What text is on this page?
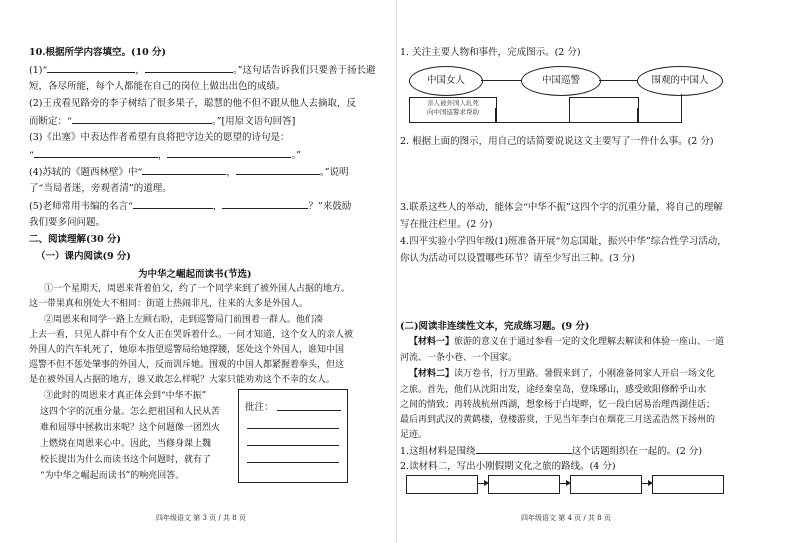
10.根据所学内容填空。(10 分)
(1)“	，	。”这句话告诉我们只要善于扬长避
短，各尽所能，每个人都能在自己的岗位上做出出色的成绩。
(2)王戎看见路旁的李子树结了很多果子，聪慧的他不但不跟从他人去摘取，反
而断定：“	。”[用原文语句回答]
(3)《出塞》中表达作者希望有良将把守边关的愿望的诗句是：
“	，	。”
(4)苏轼的《题西林壁》中“	，	。”说明
了“当局者迷，旁观者清”的道理。
(5)老师常用韦编的名言“	，	？”来鼓励
我们要多问问题。
二、阅读理解(30 分)
（一）课内阅读(9 分)
为中华之崛起而读书(节选)
①一个星期天，周恩来背着伯父，约了一个同学来到了被外国人占据的地方。
这一带果真和別处大不相同：街道上热闹非凡，往来的大多是外国人。
②周恩来和同学一路上左顾右盼，走到巡警局门前围着一群人。他们凑
上去一看，只见人群中有个女人正在哭诉着什么。一问才知道，这个女人的亲人被
外国人的汽车轧死了，她原本指望巡警局给她撑腰，惩处这个外国人，谁知中国
巡警不但不惩处肇事的外国人，反而训斥她。围观的中国人都紧握着拳头，但这
是在被外国人占据的地方，谁又敢怎么样呢？大家只能劝劝这个不幸的女人。
③此时的周恩来才真正体会到“中华不振”
这四个字的沉重分量。怎么把祖国和人民从苦
难和屈辱中拯救出来呢？这个问题像一团烈火
上燃烧在周恩来心中。因此，当修身课上魏
校长提出为什么而读书这个问题时，就有了
“为中华之崛起而读书”的响亮回答。
批注：
四年级语文 第 3 页 / 共 8 页
1. 关注主要人物和事件，完成图示。(2 分)
中国女人	中国巡警	围观的中国人
亲人被外国人轧死
向中国巡警求帮助
2. 根据上面的图示，用自己的话简要说说这文主要写了一件什么事。(2 分)
3.联系这些人的举动，能体会“中华不振”这四个字的沉重分量，将自己的理解
写在批注栏里。(2 分)
4.四平实验小学四年级(1)班准备开展“勿忘国耻，振兴中华”综合性学习活动，
你认为活动可以设置哪些环节？请至少写出三种。(3 分)
(二)阅读非连续性文本，完成练习题。(9 分)
【材料一】旅游的意义在于通过参看一定的文化理解去解读和体验一座山、一道
河流、一条小巷、一个国家。
【材料二】读万卷书，行万里路。暑假来到了，小刚准备同家人开启一场文化
之旅。首先，他们从沈阳出发，途经秦皇岛，登珠琊山，感受欧阳修醉乎山水
之间的情致；再转战杭州西湖，想象杨于白堤畔，忆一段白居易治理西湖佳话；
最后再到武汉的黄鹤楼，登楼游赏，于见当年李白在烟花三月送孟浩然下扬州的
足迹。
1.这组材料是围绕	这个话题组织在一起的。(2 分)
2.读材料二，写出小刚假期文化之旅的路线。(4 分)
四年级语文 第 4 页 / 共 8 页
